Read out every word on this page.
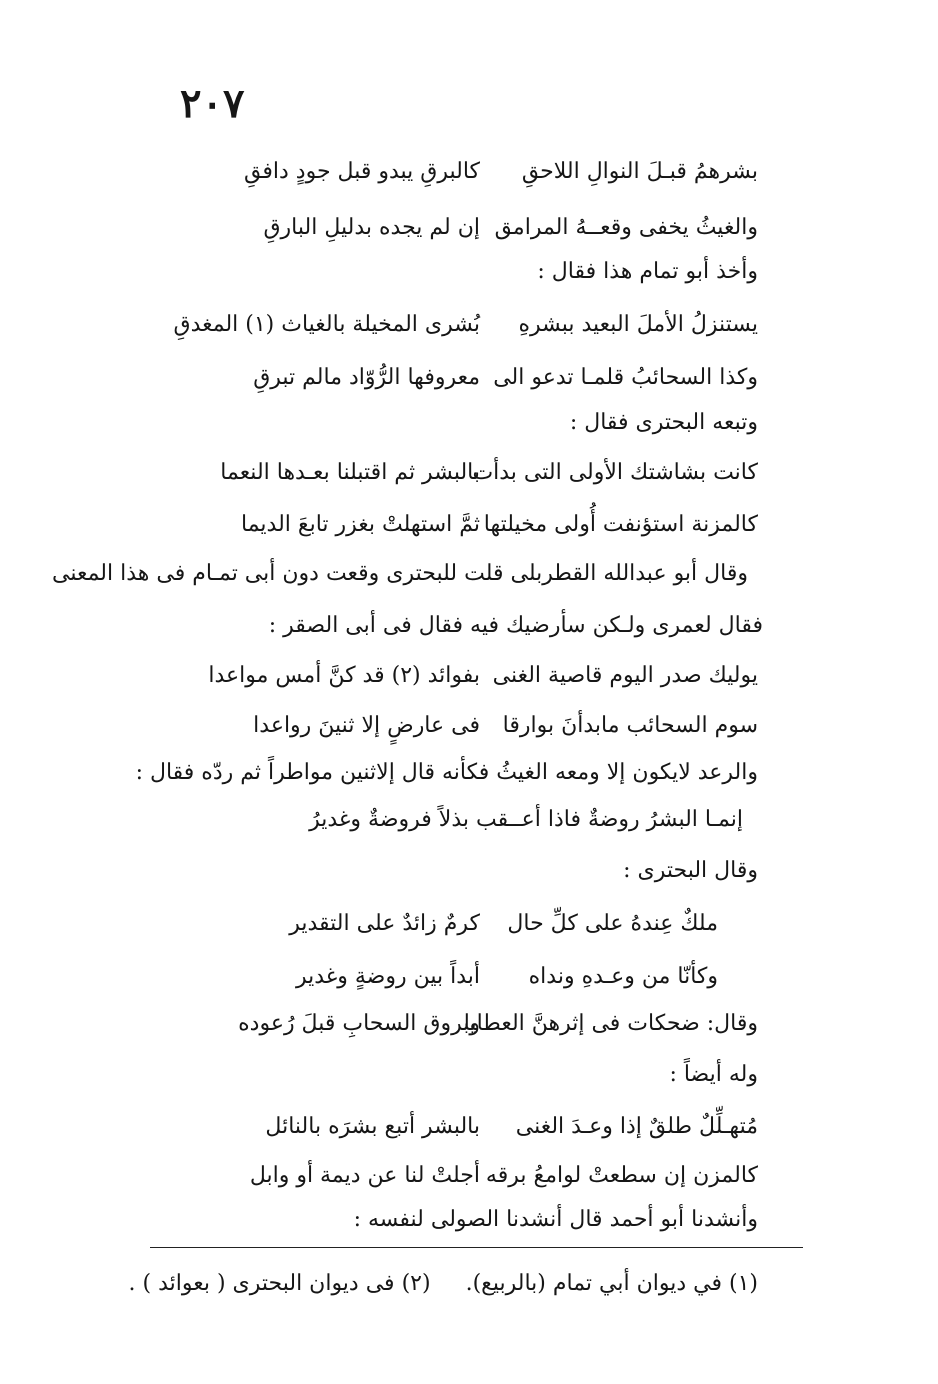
٢٠٧
بشرهمُ قبـلَ النوالِ اللاحقِ
كالبرقِ يبدو قبل جودٍ دافقِ
والغيثُ يخفى وقعــهُ المرامق
إن لم يجده بدليلِ البارقِ
وأخذ أبو تمام هذا فقال :
يستنزلُ الأملَ البعيد ببشرهِ
بُشرى المخيلة بالغياث (١) المغدقِ
وكذا السحائبُ قلمـا تدعو الى
معروفها الرُّوّاد مالم تبرقِ
وتبعه البحترى فقال :
كانت بشاشتك الأولى التى بدأت
بالبشر ثم اقتبلنا بعـدها النعما
كالمزنة استؤنفت أُولى مخيلتها
ثمَّ استهلتْ بغزر تابعَ الديما
وقال أبو عبدالله القطربلى قلت للبحترى وقعت دون أبى تمـام فى هذا المعنى
فقال لعمرى ولـكن سأرضيك فيه فقال فى أبى الصقر :
يوليك صدر اليوم قاصية الغنى
بفوائد (٢) قد كنَّ أمس مواعدا
سوم السحائب مابدأنَ بوارقا
فى عارضٍ إلا ثنينَ رواعدا
والرعد لايكون إلا ومعه الغيثُ فكأنه قال إلاثنين مواطراً ثم ردّه فقال :
إنمـا البشرُ روضةٌ فاذا أعــقب بذلاً فروضةٌ وغديرُ
وقال البحترى :
ملكٌ عِندهُ على كلِّ حال
كرمٌ زائدٌ على التقدير
وكأنّا من وعـدهِ ونداه
أبداً بين روضةٍ وغدير
وقال: ضحكات فى إثرهنَّ العطايا
وبروق السحابِ قبلَ رُعوده
وله أيضاً :
مُتهـلِّلٌ طلقٌ إذا وعـدَ الغنى
بالبشر أتبع بشرَه بالنائل
كالمزن إن سطعتْ لوامعُ برقه
أجلتْ لنا عن ديمة أو وابل
وأنشدنا أبو أحمد قال أنشدنا الصولى لنفسه :
(١) في ديوان أبي تمام (بالربيع). (٢) فى ديوان البحترى ( بعوائد ) .
